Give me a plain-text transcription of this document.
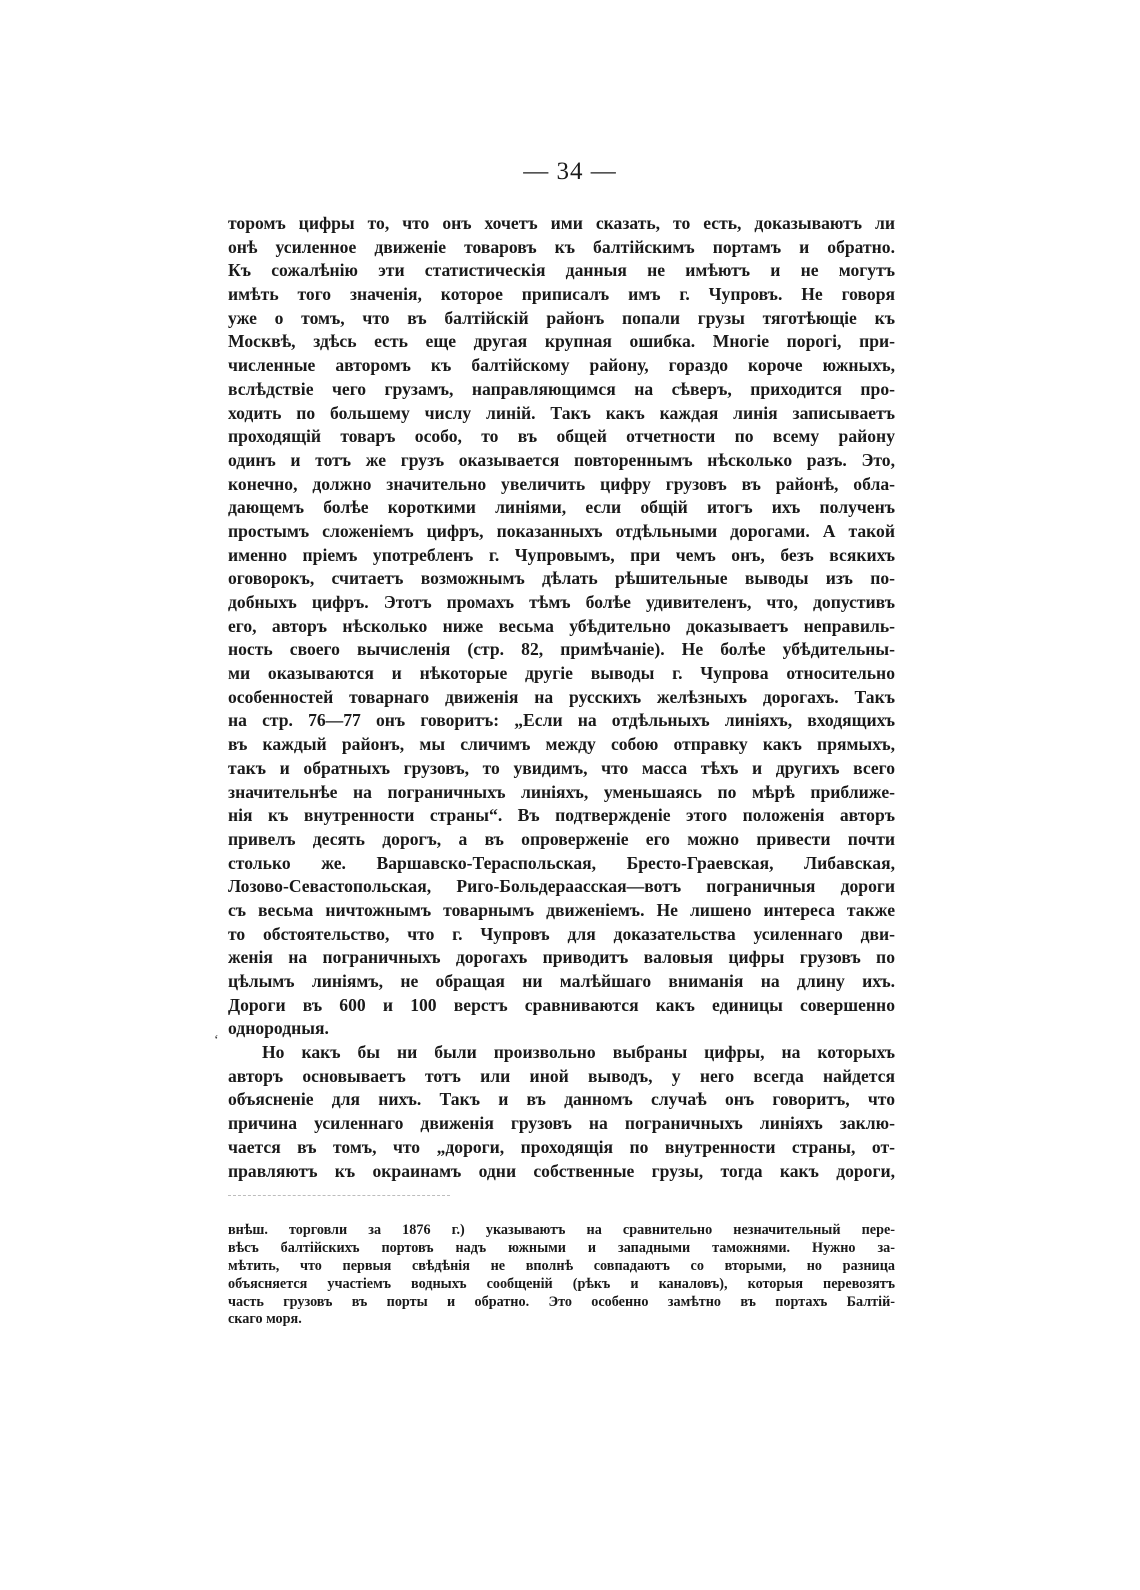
— 34 —
торомъ цифры то, что онъ хочетъ ими сказать, то есть, доказываютъ ли
онѣ усиленное движенiе товаровъ къ балтiйскимъ портамъ и обратно.
Къ сожалѣнiю эти статистическiя данныя не имѣютъ и не могутъ
имѣть того значенiя, которое приписалъ имъ г. Чупровъ. Не говоря
уже о томъ, что въ балтiйскiй районъ попали грузы тяготѣющiе къ
Москвѣ, здѣсь есть еще другая крупная ошибка. Многiе порогi, при-
численные авторомъ къ балтiйскому району, гораздо короче южныхъ,
вслѣдствiе чего грузамъ, направляющимся на сѣверъ, приходится про-
ходить по большему числу линiй. Такъ какъ каждая линiя записываетъ
проходящiй товаръ особо, то въ общей отчетности по всему району
одинъ и тотъ же грузъ оказывается повтореннымъ нѣсколько разъ. Это,
конечно, должно значительно увеличить цифру грузовъ въ районѣ, обла-
дающемъ болѣе короткими линiями, если общiй итогъ ихъ полученъ
простымъ сложенiемъ цифръ, показанныхъ отдѣльными дорогами. А такой
именно прiемъ употребленъ г. Чупровымъ, при чемъ онъ, безъ всякихъ
оговорокъ, считаетъ возможнымъ дѣлать рѣшительные выводы изъ по-
добныхъ цифръ. Этотъ промахъ тѣмъ болѣе удивителенъ, что, допустивъ
его, авторъ нѣсколько ниже весьма убѣдительно доказываетъ неправиль-
ность своего вычисленiя (стр. 82, примѣчанiе). Не болѣе убѣдительны-
ми оказываются и нѣкоторые другiе выводы г. Чупрова относительно
особенностей товарнаго движенiя на русскихъ желѣзныхъ дорогахъ. Такъ
на стр. 76—77 онъ говоритъ: „Если на отдѣльныхъ линiяхъ, входящихъ
въ каждый районъ, мы сличимъ между собою отправку какъ прямыхъ,
такъ и обратныхъ грузовъ, то увидимъ, что масса тѣхъ и другихъ всего
значительнѣе на пограничныхъ линiяхъ, уменьшаясь по мѣрѣ приближе-
нiя къ внутренности страны“. Въ подтвержденiе этого положенiя авторъ
привелъ десять дорогъ, а въ опроверженiе его можно привести почти
столько же. Варшавско-Тераспольская, Бресто-Граевская, Либавская,
Лозово-Севастопольская, Риго-Больдераасская—вотъ пограничныя дороги
съ весьма ничтожнымъ товарнымъ движенiемъ. Не лишено интереса также
то обстоятельство, что г. Чупровъ для доказательства усиленнаго дви-
женiя на пограничныхъ дорогахъ приводитъ валовыя цифры грузовъ по
цѣлымъ линiямъ, не обращая ни малѣйшаго вниманiя на длину ихъ.
Дороги въ 600 и 100 верстъ сравниваются какъ единицы совершенно
однородныя.
Но какъ бы ни были произвольно выбраны цифры, на которыхъ
авторъ основываетъ тотъ или иной выводъ, у него всегда найдется
объясненiе для нихъ. Такъ и въ данномъ случаѣ онъ говоритъ, что
причина усиленнаго движенiя грузовъ на пограничныхъ линiяхъ заклю-
чается въ томъ, что „дороги, проходящiя по внутренности страны, от-
правляютъ къ окраинамъ одни собственные грузы, тогда какъ дороги,
ʻ
внѣш. торговли за 1876 г.) указываютъ на сравнительно незначительный пере-
вѣсъ балтiйскихъ портовъ надъ южными и западными таможнями. Нужно за-
мѣтить, что первыя свѣдѣнiя не вполнѣ совпадаютъ со вторыми, но разница
объясняется участiемъ водныхъ сообщенiй (рѣкъ и каналовъ), которыя перевозятъ
часть грузовъ въ порты и обратно. Это особенно замѣтно въ портахъ Балтiй-
скаго моря.
